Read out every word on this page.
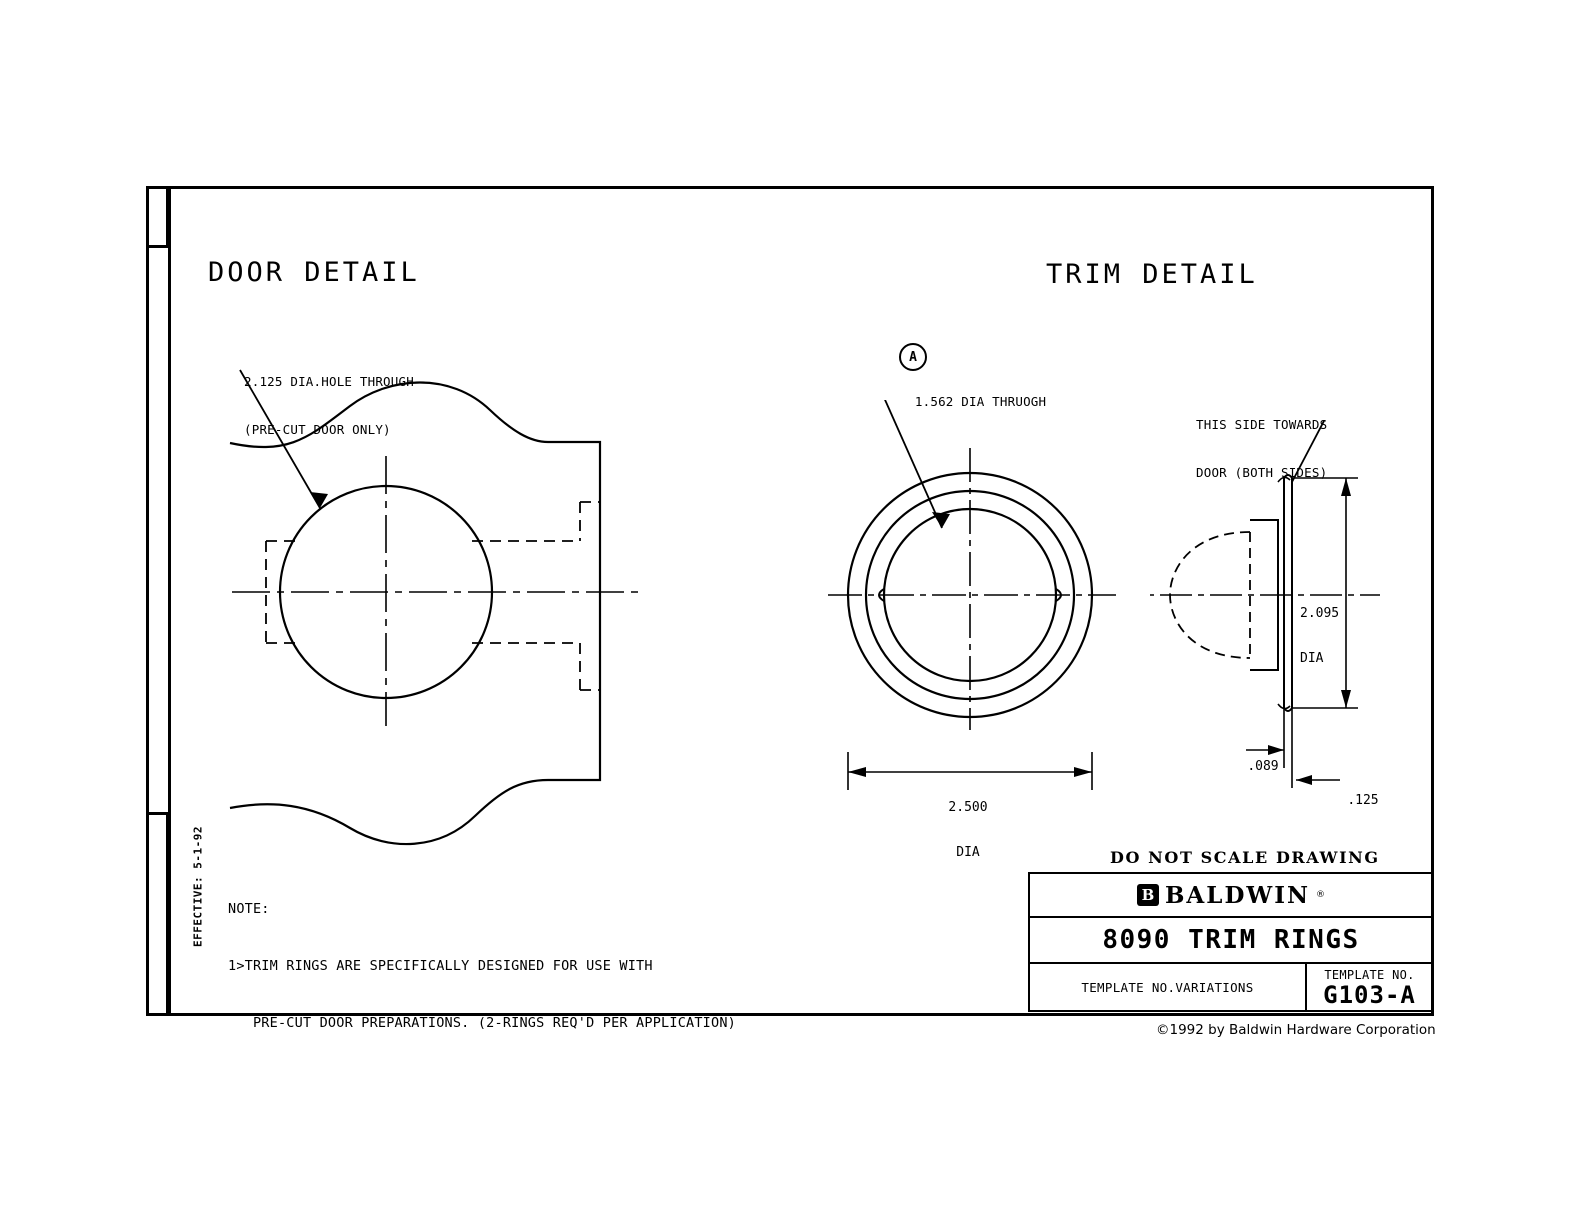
EFFECTIVE: 5-1-92
DOOR DETAIL	TRIM DETAIL

2.125 DIA.HOLE THROUGH

(PRE-CUT DOOR ONLY)

NOTE:

1>TRIM RINGS ARE SPECIFICALLY DESIGNED FOR USE WITH

PRE-CUT DOOR PREPARATIONS. (2-RINGS REQ'D PER APPLICATION)

A

1.562 DIA THRUOGH

2.500

DIA

THIS SIDE TOWARDS

DOOR (BOTH SIDES)

2.095

DIA

.089

.125

DO NOT SCALE DRAWING
B
BALDWIN ®
8090 TRIM RINGS
TEMPLATE NO.VARIATIONS
TEMPLATE NO.
G103-A
©1992 by Baldwin Hardware Corporation
